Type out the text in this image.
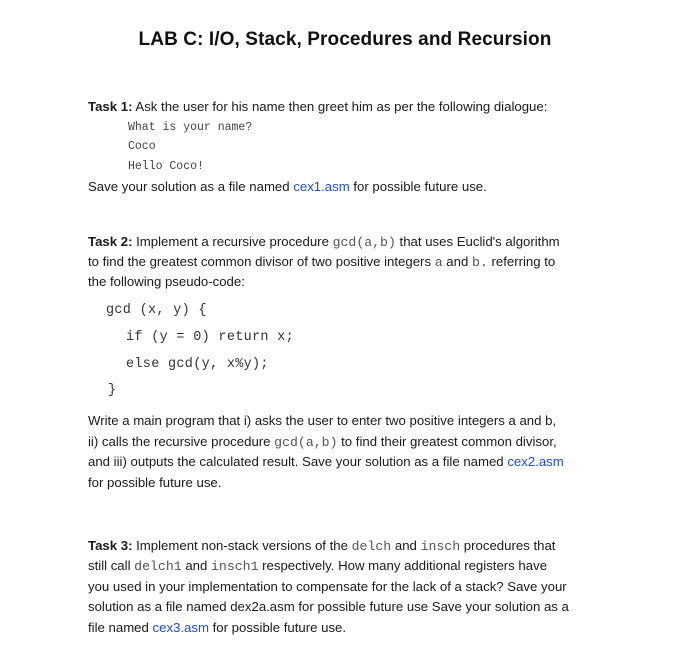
LAB C: I/O, Stack, Procedures and Recursion
Task 1: Ask the user for his name then greet him as per the following dialogue:
What is your name?
Coco
Hello Coco!
Save your solution as a file named cex1.asm for possible future use.
Task 2: Implement a recursive procedure gcd(a,b) that uses Euclid's algorithm
to find the greatest common divisor of two positive integers a and b. referring to
the following pseudo-code:
gcd (x, y) {
if (y = 0) return x;
else gcd(y, x%y);
}
Write a main program that i) asks the user to enter two positive integers a and b,
ii) calls the recursive procedure gcd(a,b) to find their greatest common divisor,
and iii) outputs the calculated result. Save your solution as a file named cex2.asm
for possible future use.
Task 3: Implement non-stack versions of the delch and insch procedures that
still call delch1 and insch1 respectively. How many additional registers have
you used in your implementation to compensate for the lack of a stack? Save your
solution as a file named dex2a.asm for possible future use Save your solution as a
file named cex3.asm for possible future use.
